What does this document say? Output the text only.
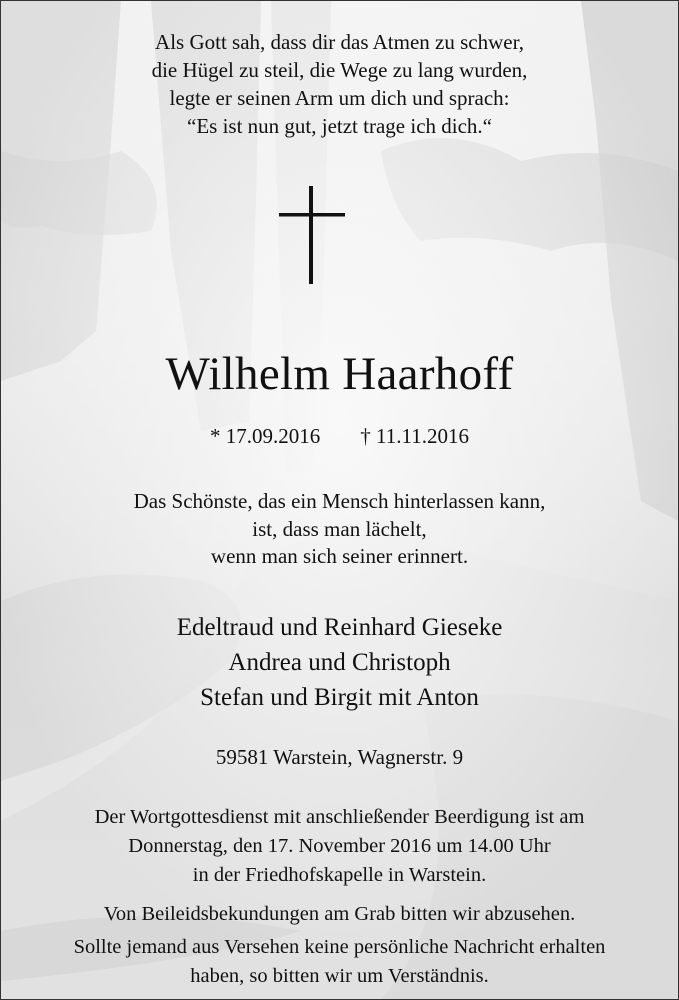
Als Gott sah, dass dir das Atmen zu schwer,
die Hügel zu steil, die Wege zu lang wurden,
legte er seinen Arm um dich und sprach:
“Es ist nun gut, jetzt trage ich dich.“
Wilhelm Haarhoff
* 17.09.2016 † 11.11.2016
Das Schönste, das ein Mensch hinterlassen kann,
ist, dass man lächelt,
wenn man sich seiner erinnert.
Edeltraud und Reinhard Gieseke
Andrea und Christoph
Stefan und Birgit mit Anton
59581 Warstein, Wagnerstr. 9
Der Wortgottesdienst mit anschließender Beerdigung ist am
Donnerstag, den 17. November 2016 um 14.00 Uhr
in der Friedhofskapelle in Warstein.
Von Beileidsbekundungen am Grab bitten wir abzusehen.
Sollte jemand aus Versehen keine persönliche Nachricht erhalten
haben, so bitten wir um Verständnis.
